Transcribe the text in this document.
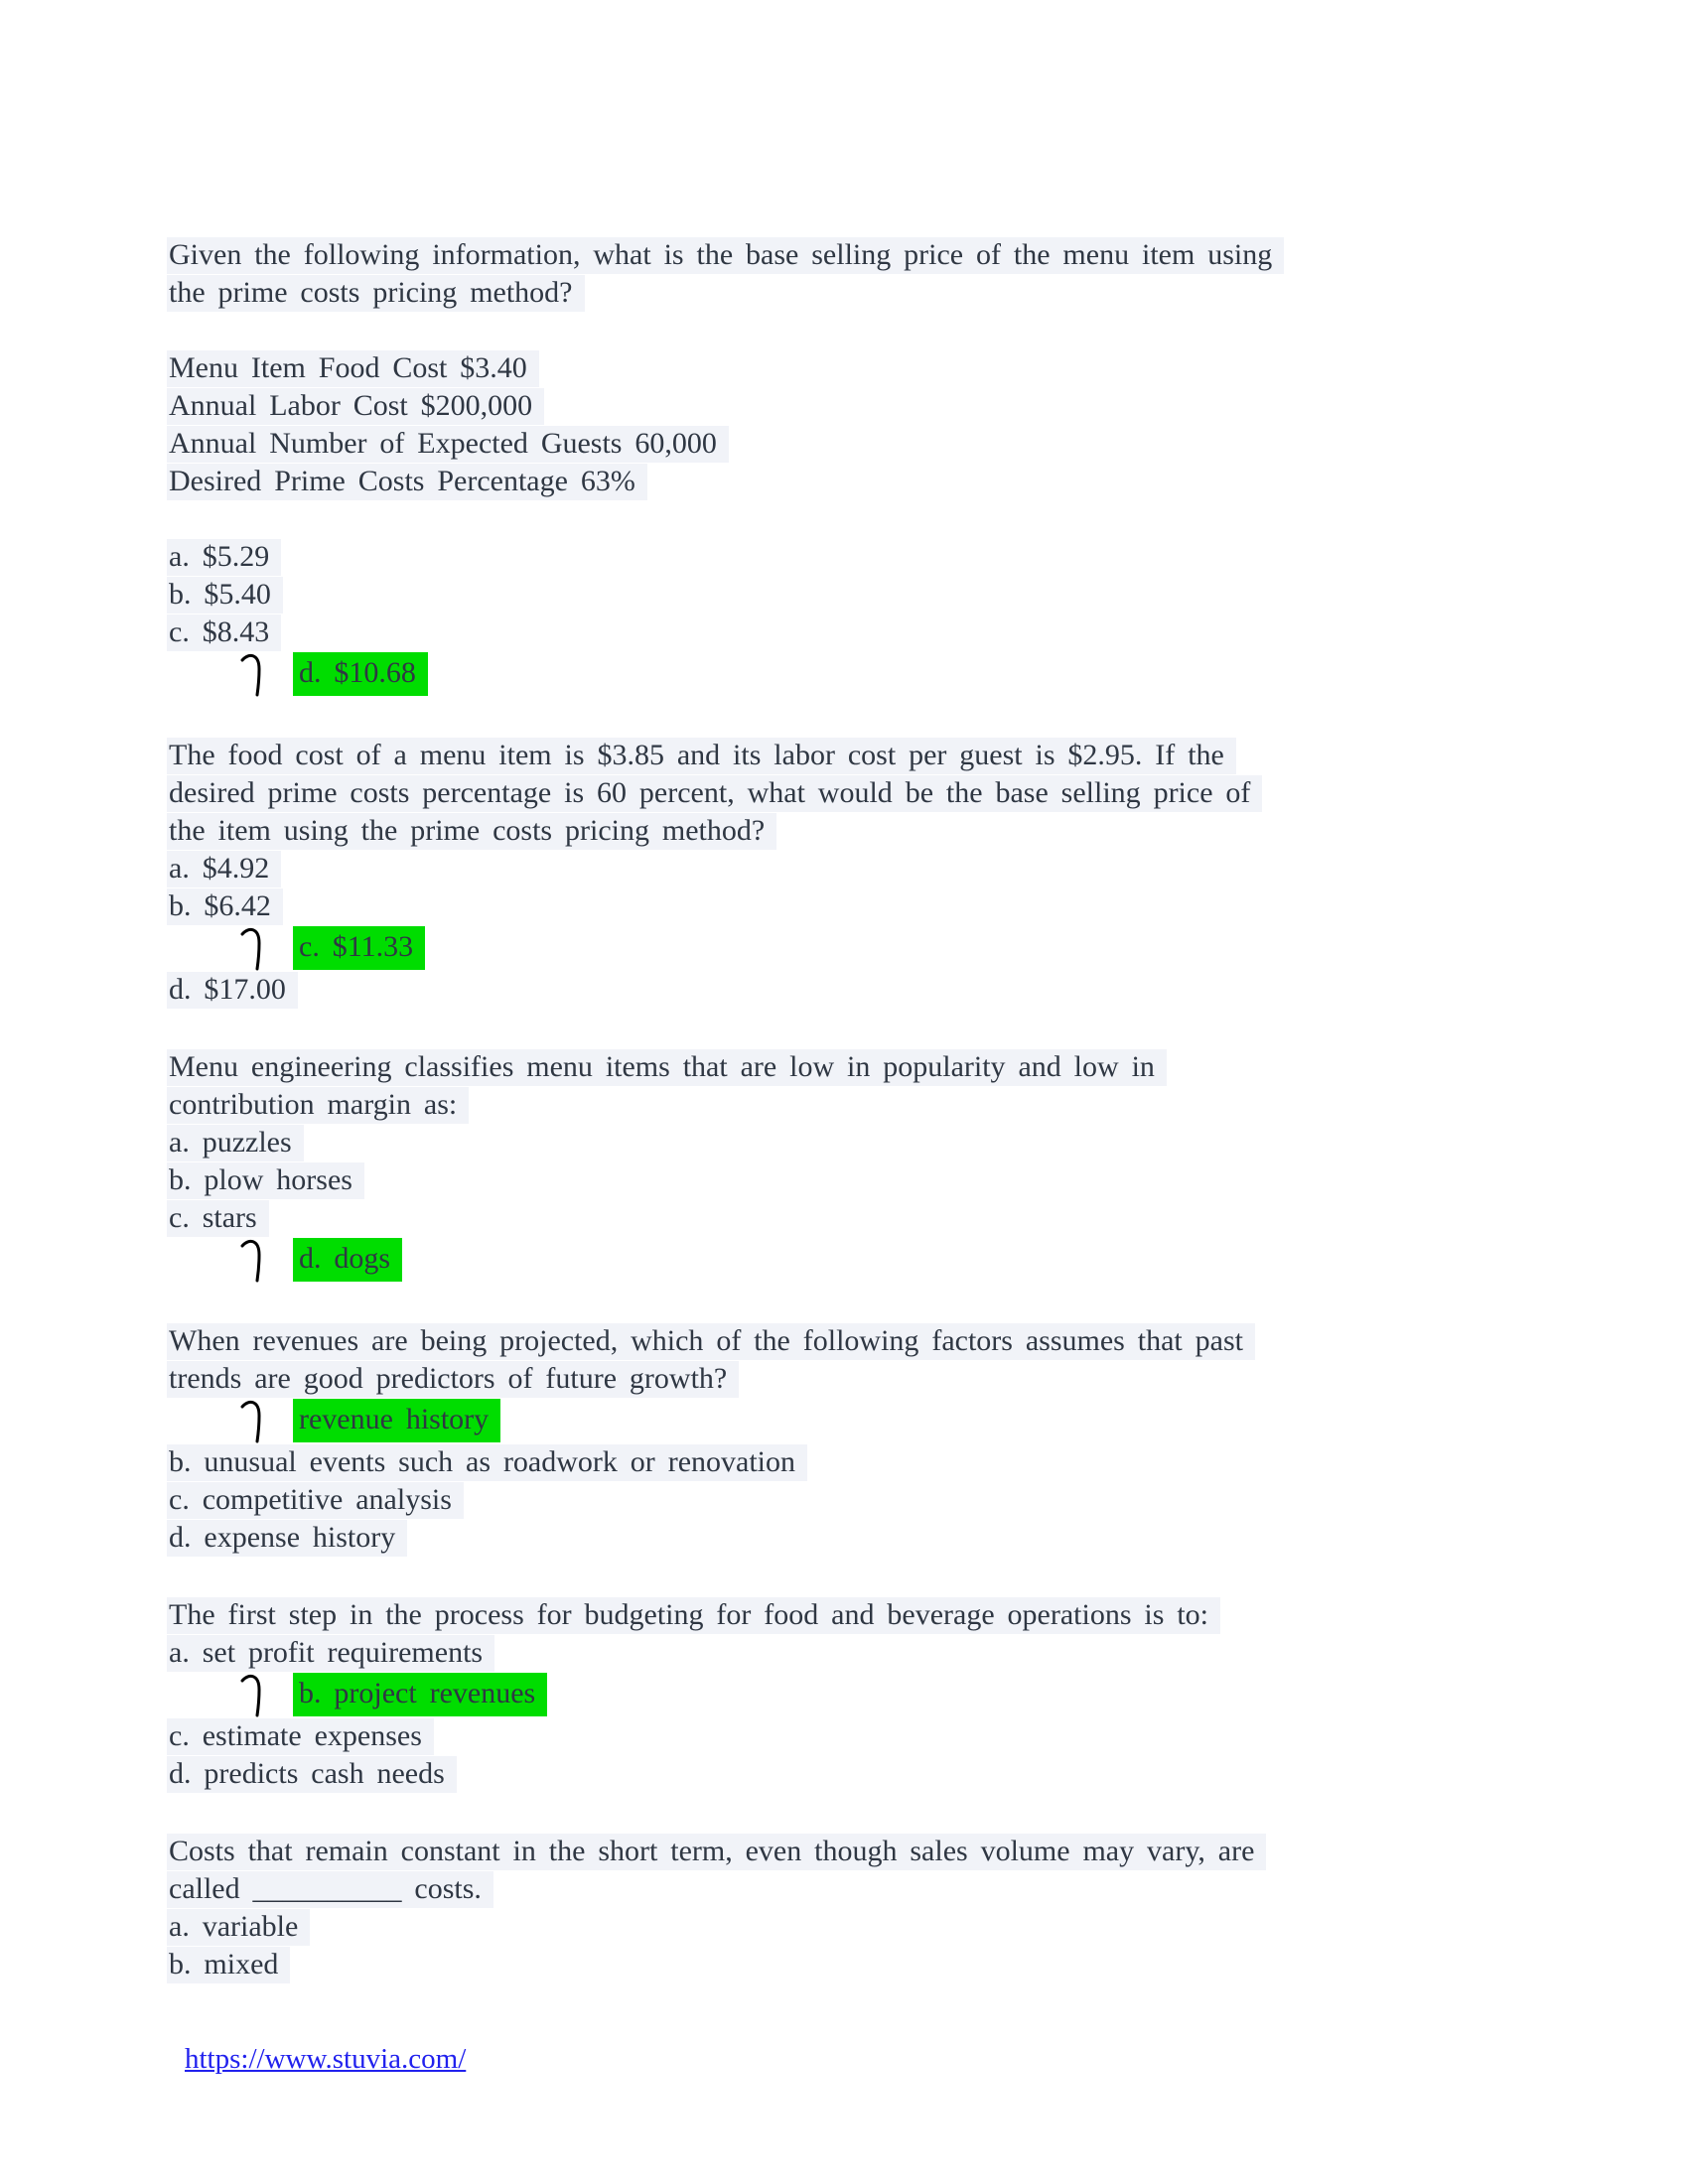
Given the following information, what is the base selling price of the menu item using
the prime costs pricing method?
Menu Item Food Cost $3.40
Annual Labor Cost $200,000
Annual Number of Expected Guests 60,000
Desired Prime Costs Percentage 63%
a. $5.29
b. $5.40
c. $8.43
d. $10.68
The food cost of a menu item is $3.85 and its labor cost per guest is $2.95. If the
desired prime costs percentage is 60 percent, what would be the base selling price of
the item using the prime costs pricing method?
a. $4.92
b. $6.42
c. $11.33
d. $17.00
Menu engineering classifies menu items that are low in popularity and low in
contribution margin as:
a. puzzles
b. plow horses
c. stars
d. dogs
When revenues are being projected, which of the following factors assumes that past
trends are good predictors of future growth?
revenue history
b. unusual events such as roadwork or renovation
c. competitive analysis
d. expense history
The first step in the process for budgeting for food and beverage operations is to:
a. set profit requirements
b. project revenues
c. estimate expenses
d. predicts cash needs
Costs that remain constant in the short term, even though sales volume may vary, are
called __________ costs.
a. variable
b. mixed
https://www.stuvia.com/
